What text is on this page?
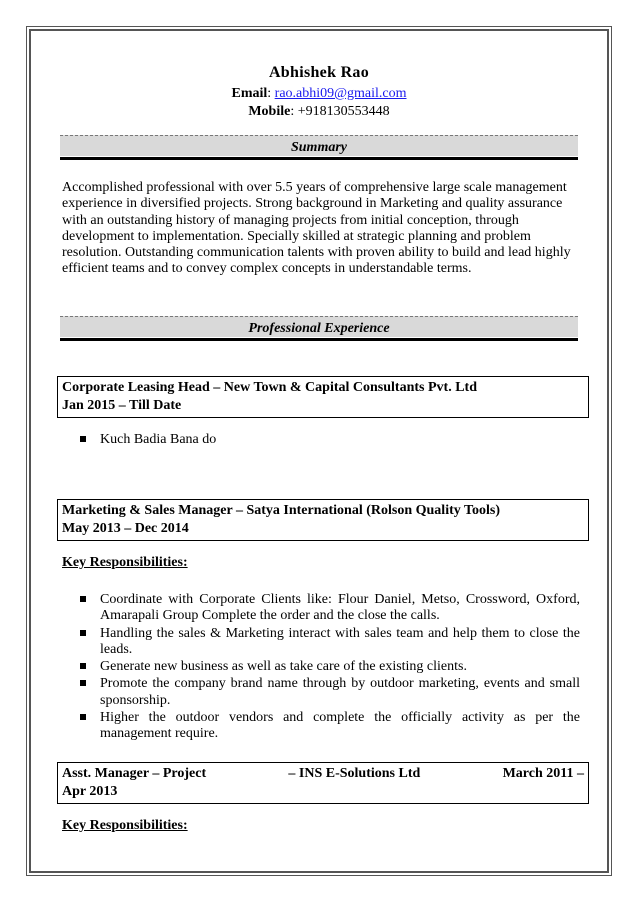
Abhishek Rao
Email: rao.abhi09@gmail.com
Mobile: +918130553448
Summary
Accomplished professional with over 5.5 years of comprehensive large scale management experience in diversified projects. Strong background in Marketing and quality assurance with an outstanding history of managing projects from initial conception, through development to implementation. Specially skilled at strategic planning and problem resolution. Outstanding communication talents with proven ability to build and lead highly efficient teams and to convey complex concepts in understandable terms.
Professional Experience
Corporate Leasing Head – New Town & Capital Consultants Pvt. Ltd
Jan 2015 – Till Date
Kuch Badia Bana do
Marketing & Sales Manager – Satya International (Rolson Quality Tools)
May 2013 – Dec 2014
Key Responsibilities:
Coordinate with Corporate Clients like: Flour Daniel, Metso, Crossword, Oxford, Amarapali Group Complete the order and the close the calls.
Handling the sales & Marketing interact with sales team and help them to close the leads.
Generate new business as well as take care of the existing clients.
Promote the company brand name through by outdoor marketing, events and small sponsorship.
Higher the outdoor vendors and complete the officially activity as per the management require.
Asst. Manager – Project	– INS E-Solutions Ltd	March 2011 –
Apr 2013
Key Responsibilities:
